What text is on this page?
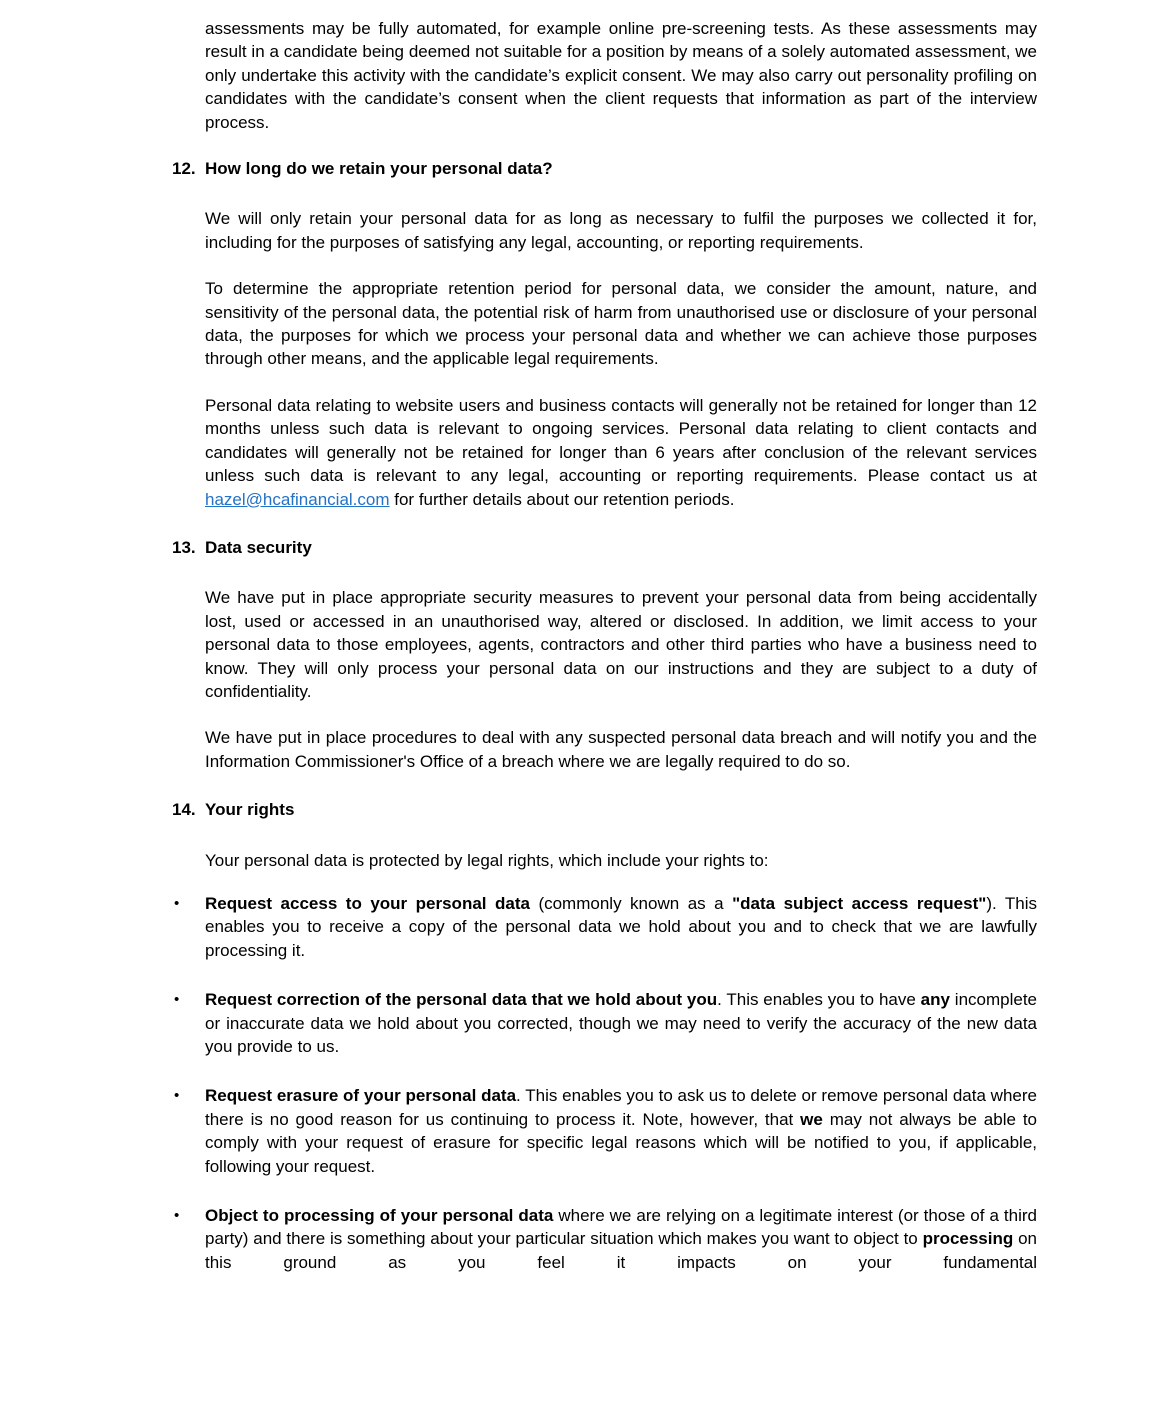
assessments may be fully automated, for example online pre-screening tests. As these assessments may result in a candidate being deemed not suitable for a position by means of a solely automated assessment, we only undertake this activity with the candidate’s explicit consent. We may also carry out personality profiling on candidates with the candidate’s consent when the client requests that information as part of the interview process.

12. How long do we retain your personal data?

We will only retain your personal data for as long as necessary to fulfil the purposes we collected it for, including for the purposes of satisfying any legal, accounting, or reporting requirements.

To determine the appropriate retention period for personal data, we consider the amount, nature, and sensitivity of the personal data, the potential risk of harm from unauthorised use or disclosure of your personal data, the purposes for which we process your personal data and whether we can achieve those purposes through other means, and the applicable legal requirements.

Personal data relating to website users and business contacts will generally not be retained for longer than 12 months unless such data is relevant to ongoing services. Personal data relating to client contacts and candidates will generally not be retained for longer than 6 years after conclusion of the relevant services unless such data is relevant to any legal, accounting or reporting requirements. Please contact us at hazel@hcafinancial.com for further details about our retention periods.

13. Data security

We have put in place appropriate security measures to prevent your personal data from being accidentally lost, used or accessed in an unauthorised way, altered or disclosed. In addition, we limit access to your personal data to those employees, agents, contractors and other third parties who have a business need to know. They will only process your personal data on our instructions and they are subject to a duty of confidentiality.

We have put in place procedures to deal with any suspected personal data breach and will notify you and the Information Commissioner's Office of a breach where we are legally required to do so.

14. Your rights

Your personal data is protected by legal rights, which include your rights to:

• Request access to your personal data (commonly known as a "data subject access request"). This enables you to receive a copy of the personal data we hold about you and to check that we are lawfully processing it.
• Request correction of the personal data that we hold about you. This enables you to have any incomplete or inaccurate data we hold about you corrected, though we may need to verify the accuracy of the new data you provide to us.
• Request erasure of your personal data. This enables you to ask us to delete or remove personal data where there is no good reason for us continuing to process it. Note, however, that we may not always be able to comply with your request of erasure for specific legal reasons which will be notified to you, if applicable, following your request.
• Object to processing of your personal data where we are relying on a legitimate interest (or those of a third party) and there is something about your particular situation which makes you want to object to processing on this ground as you feel it impacts on your fundamental
